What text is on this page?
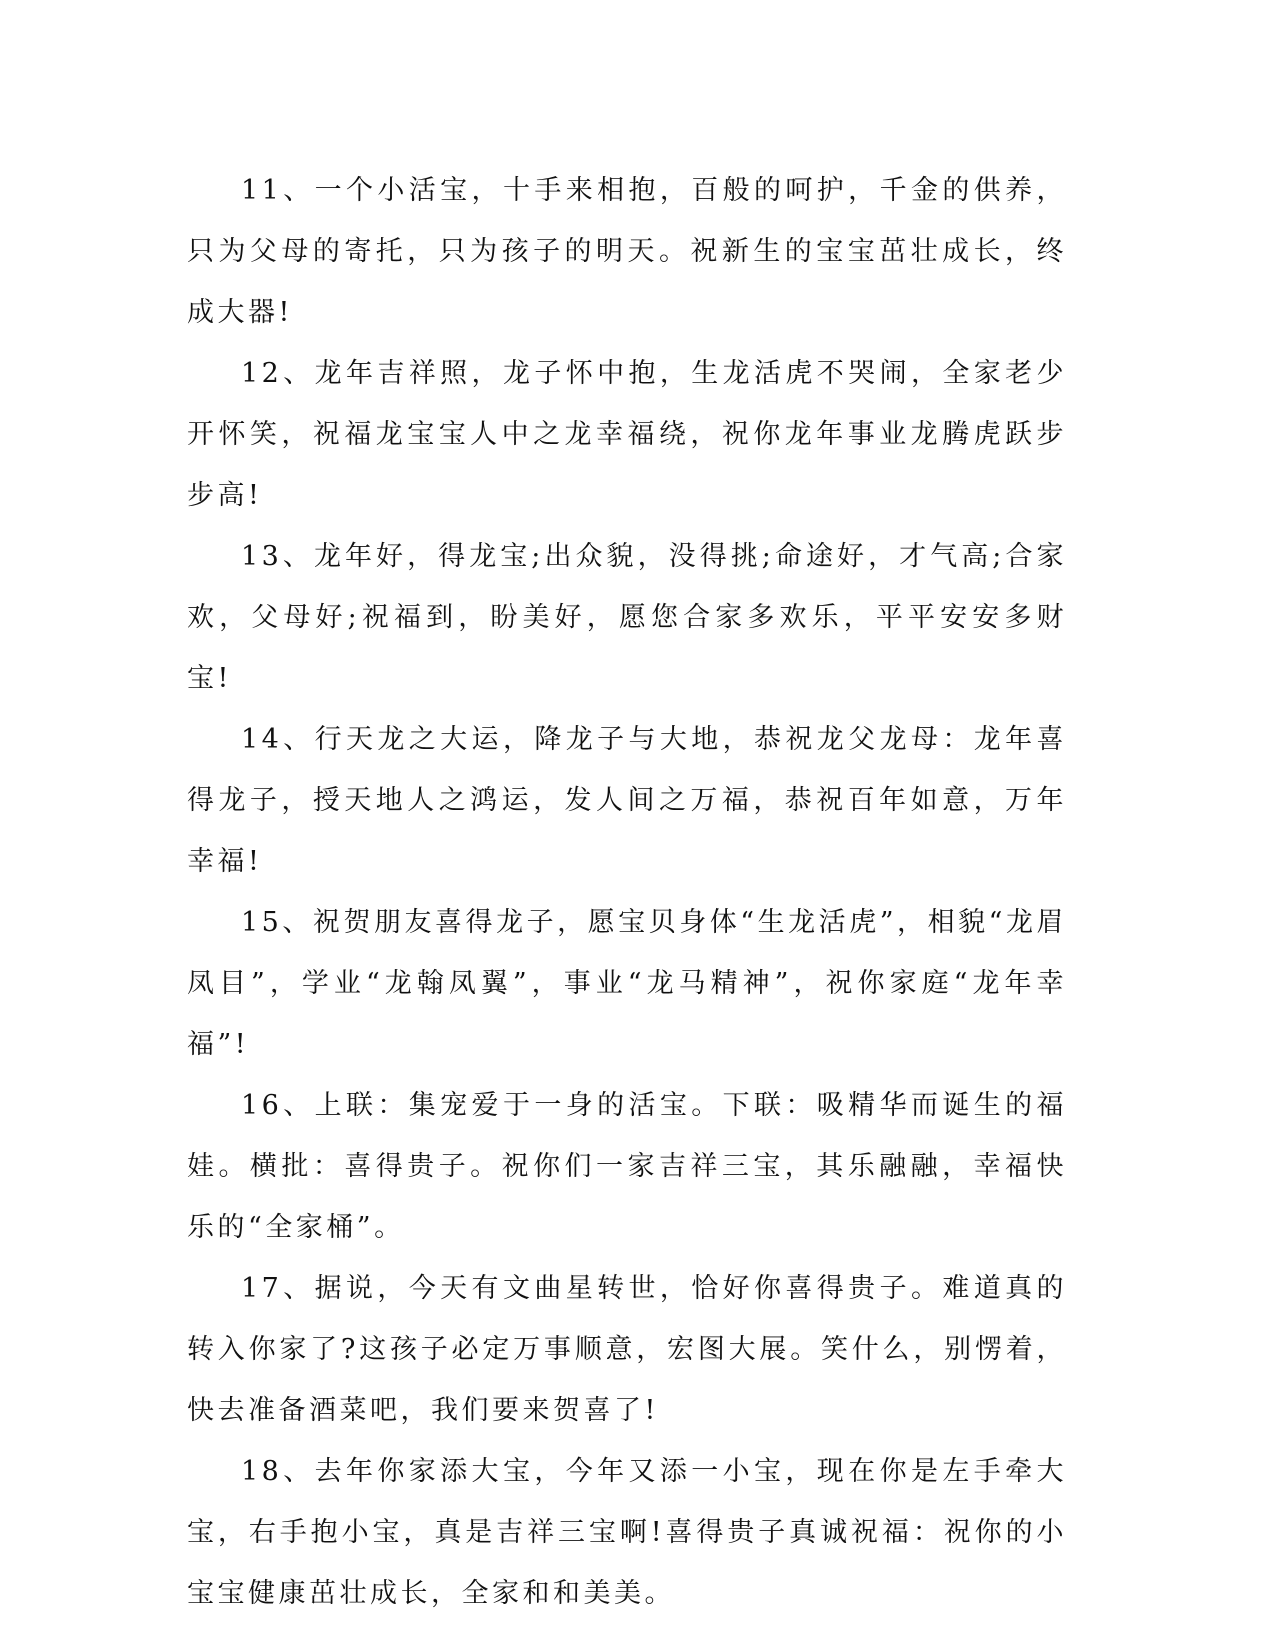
11、一个小活宝，十手来相抱，百般的呵护，千金的供养，只为父母的寄托，只为孩子的明天。祝新生的宝宝茁壮成长，终成大器!

12、龙年吉祥照，龙子怀中抱，生龙活虎不哭闹，全家老少开怀笑，祝福龙宝宝人中之龙幸福绕，祝你龙年事业龙腾虎跃步步高!

13、龙年好，得龙宝;出众貌，没得挑;命途好，才气高;合家欢，父母好;祝福到，盼美好，愿您合家多欢乐，平平安安多财宝!

14、行天龙之大运，降龙子与大地，恭祝龙父龙母：龙年喜得龙子，授天地人之鸿运，发人间之万福，恭祝百年如意，万年幸福!

15、祝贺朋友喜得龙子，愿宝贝身体“生龙活虎”，相貌“龙眉凤目”，学业“龙翰凤翼”，事业“龙马精神”，祝你家庭“龙年幸福”!

16、上联：集宠爱于一身的活宝。下联：吸精华而诞生的福娃。横批：喜得贵子。祝你们一家吉祥三宝，其乐融融，幸福快乐的“全家桶”。

17、据说，今天有文曲星转世，恰好你喜得贵子。难道真的转入你家了?这孩子必定万事顺意，宏图大展。笑什么，别愣着，快去准备酒菜吧，我们要来贺喜了!

18、去年你家添大宝，今年又添一小宝，现在你是左手牵大宝，右手抱小宝，真是吉祥三宝啊!喜得贵子真诚祝福：祝你的小宝宝健康茁壮成长，全家和和美美。
